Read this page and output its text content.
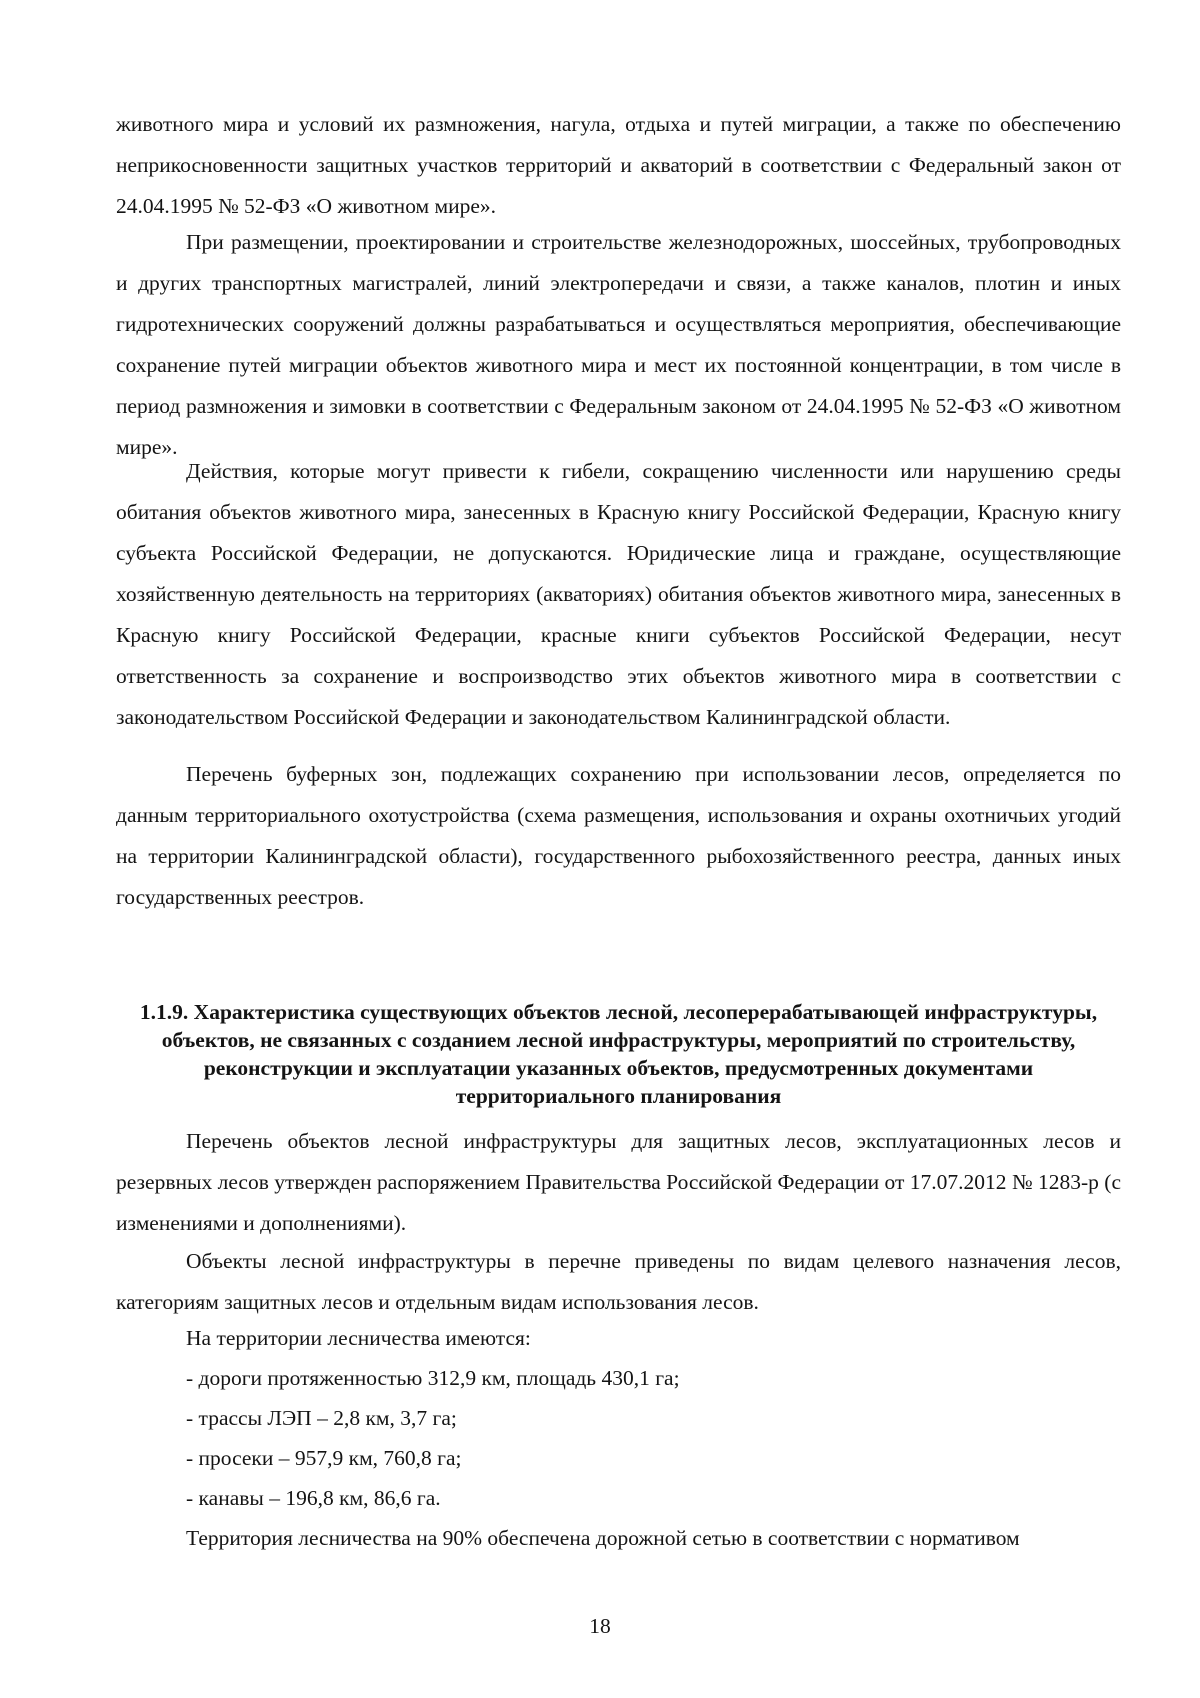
животного мира и условий их размножения, нагула, отдыха и путей миграции, а также по обеспечению неприкосновенности защитных участков территорий и акваторий в соответствии с Федеральный закон от 24.04.1995 № 52-ФЗ «О животном мире».

При размещении, проектировании и строительстве железнодорожных, шоссейных, трубопроводных и других транспортных магистралей, линий электропередачи и связи, а также каналов, плотин и иных гидротехнических сооружений должны разрабатываться и осуществляться мероприятия, обеспечивающие сохранение путей миграции объектов животного мира и мест их постоянной концентрации, в том числе в период размножения и зимовки в соответствии с Федеральным законом от 24.04.1995 № 52-ФЗ «О животном мире».

Действия, которые могут привести к гибели, сокращению численности или нарушению среды обитания объектов животного мира, занесенных в Красную книгу Российской Федерации, Красную книгу субъекта Российской Федерации, не допускаются. Юридические лица и граждане, осуществляющие хозяйственную деятельность на территориях (акваториях) обитания объектов животного мира, занесенных в Красную книгу Российской Федерации, красные книги субъектов Российской Федерации, несут ответственность за сохранение и воспроизводство этих объектов животного мира в соответствии с законодательством Российской Федерации и законодательством Калининградской области.

Перечень буферных зон, подлежащих сохранению при использовании лесов, определяется по данным территориального охотустройства (схема размещения, использования и охраны охотничьих угодий на территории Калининградской области), государственного рыбохозяйственного реестра, данных иных государственных реестров.

1.1.9. Характеристика существующих объектов лесной, лесоперерабатывающей инфраструктуры, объектов, не связанных с созданием лесной инфраструктуры, мероприятий по строительству, реконструкции и эксплуатации указанных объектов, предусмотренных документами территориального планирования

Перечень объектов лесной инфраструктуры для защитных лесов, эксплуатационных лесов и резервных лесов утвержден распоряжением Правительства Российской Федерации от 17.07.2012 № 1283-р (с изменениями и дополнениями).

Объекты лесной инфраструктуры в перечне приведены по видам целевого назначения лесов, категориям защитных лесов и отдельным видам использования лесов.

На территории лесничества имеются:

- дороги протяженностью 312,9 км, площадь 430,1 га;

- трассы ЛЭП – 2,8 км, 3,7 га;

- просеки – 957,9 км, 760,8 га;

- канавы – 196,8 км, 86,6 га.

Территория лесничества на 90% обеспечена дорожной сетью в соответствии с нормативом

18
